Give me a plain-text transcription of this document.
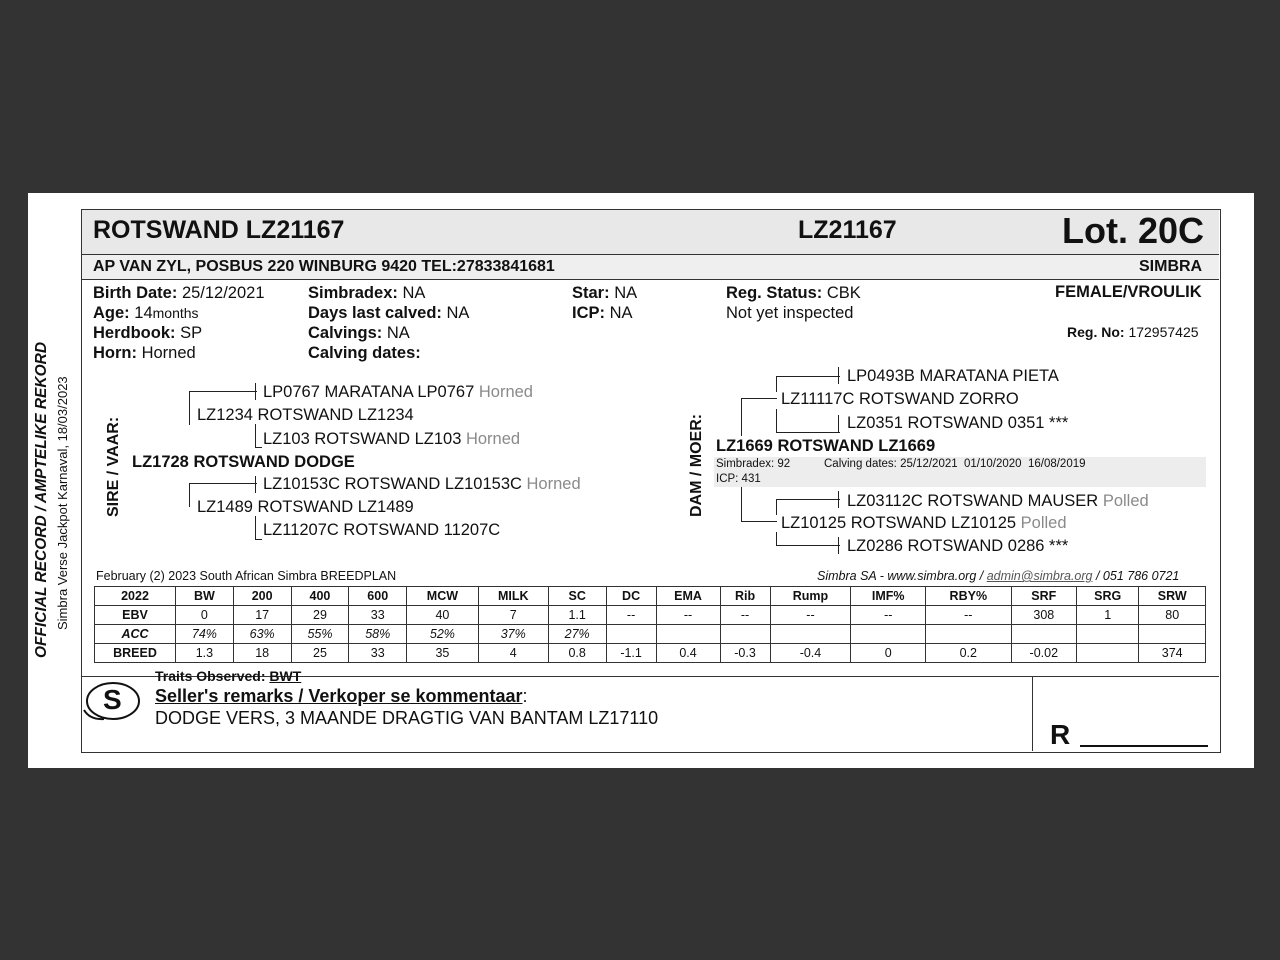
OFFICIAL RECORD / AMPTELIKE REKORD Simbra Verse Jackpot Karnaval, 18/03/2023
ROTSWAND LZ21167	LZ21167	Lot. 20C
AP VAN ZYL, POSBUS 220 WINBURG 9420 TEL:27833841681	SIMBRA
Birth Date: 25/12/2021
Age: 14months
Herdbook: SP
Horn: Horned
Simbradex: NA
Days last calved: NA
Calvings: NA
Calving dates:
Star: NA
ICP: NA
Reg. Status: CBK
Not yet inspected
FEMALE/VROULIK
Reg. No: 172957425
SIRE / VAAR: LZ1728 ROTSWAND DODGE
LZ1234 ROTSWAND LZ1234
LP0767 MARATANA LP0767 Horned
LZ103 ROTSWAND LZ103 Horned
LZ1489 ROTSWAND LZ1489
LZ10153C ROTSWAND LZ10153C Horned
LZ11207C ROTSWAND 11207C
DAM / MOER:
LP0493B MARATANA PIETA
LZ11117C ROTSWAND ZORRO
LZ0351 ROTSWAND 0351 ***
LZ1669 ROTSWAND LZ1669
Simbradex: 92	Calving dates: 25/12/2021  01/10/2020  16/08/2019
ICP: 431
LZ03112C ROTSWAND MAUSER Polled
LZ10125 ROTSWAND LZ10125 Polled
LZ0286 ROTSWAND 0286 ***
February (2) 2023 South African Simbra BREEDPLAN	Simbra SA - www.simbra.org / admin@simbra.org / 051 786 0721
2022	BW	200	400	600	MCW	MILK	SC	DC	EMA	Rib	Rump	IMF%	RBY%	SRF	SRG	SRW
EBV	0	17	29	33	40	7	1.1	--	--	--	--	--	--	308	1	80
ACC	74%	63%	55%	58%	52%	37%	27%									
BREED	1.3	18	25	33	35	4	0.8	-1.1	0.4	-0.3	-0.4	0	0.2	-0.02		374
S
Traits Observed: BWT
Seller's remarks / Verkoper se kommentaar:
DODGE VERS, 3 MAANDE DRAGTIG VAN BANTAM LZ17110
R
